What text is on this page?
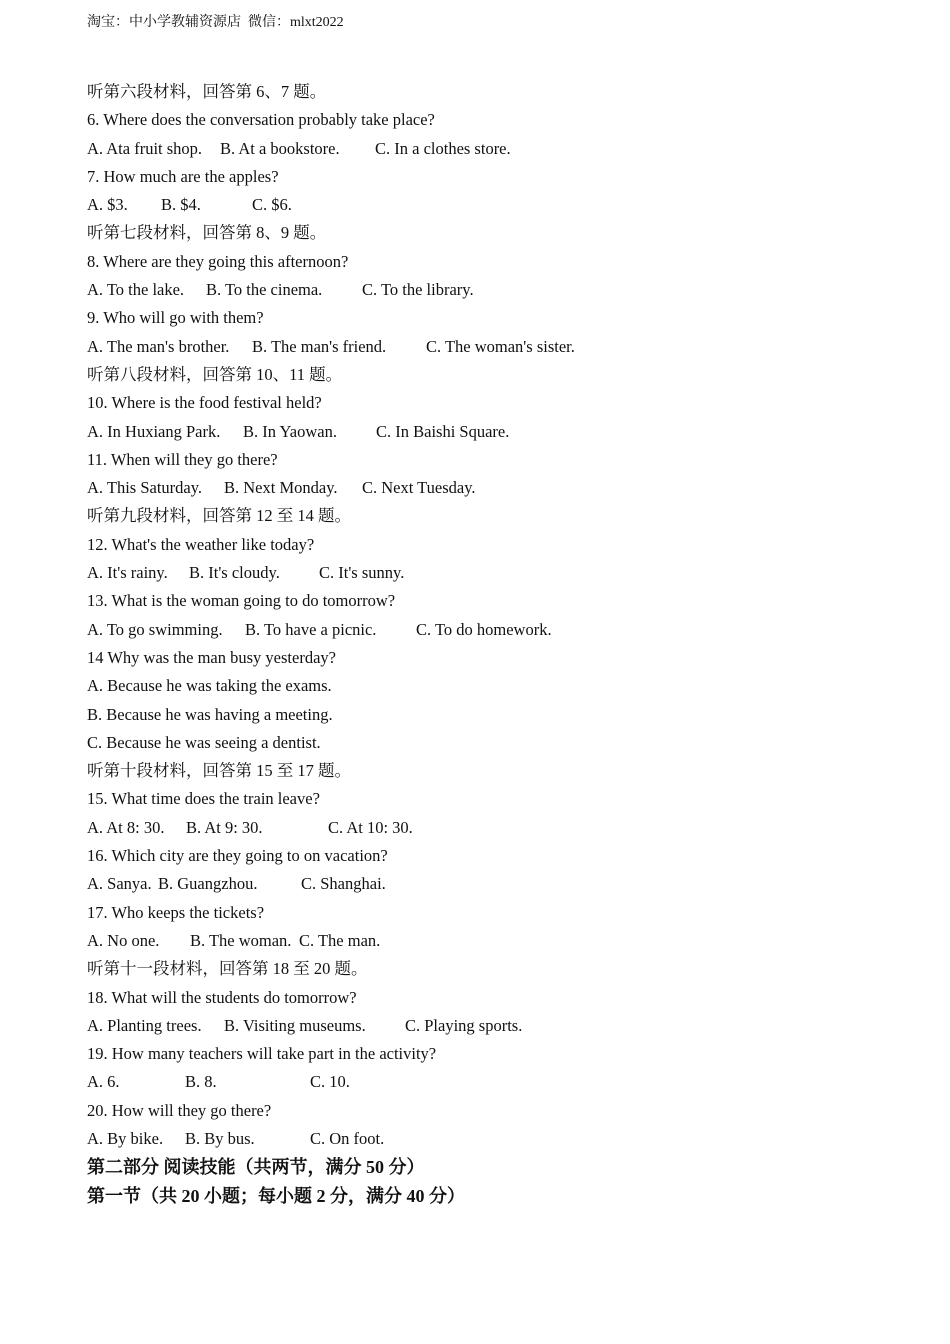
淘宝：中小学教辅资源店  微信：mlxt2022
听第六段材料，回答第 6、7 题。
6. Where does the conversation probably take place?
A. Ata fruit shop. B. At a bookstore. C. In a clothes store.
7. How much are the apples?
A. $3. B. $4.	C. $6.
听第七段材料，回答第 8、9 题。
8. Where are they going this afternoon?
A. To the lake. B. To the cinema. C. To the library.
9. Who will go with them?
A. The man's brother. B. The man's friend. C. The woman's sister.
听第八段材料，回答第 10、11 题。
10. Where is the food festival held?
A. In Huxiang Park. B. In Yaowan. C. In Baishi Square.
11. When will they go there?
A. This Saturday. B. Next Monday. C. Next Tuesday.
听第九段材料，回答第 12 至 14 题。
12. What's the weather like today?
A. It's rainy. B. It's cloudy. C. It's sunny.
13. What is the woman going to do tomorrow?
A. To go swimming. B. To have a picnic. C. To do homework.
14 Why was the man busy yesterday?
A. Because he was taking the exams.
B. Because he was having a meeting.
C. Because he was seeing a dentist.
听第十段材料，回答第 15 至 17 题。
15. What time does the train leave?
A. At 8: 30. B. At 9: 30.	C. At 10: 30.
16. Which city are they going to on vacation?
A. Sanya. B. Guangzhou.	C. Shanghai.
17. Who keeps the tickets?
A. No one. B. The woman. C. The man.
听第十一段材料，回答第 18 至 20 题。
18. What will the students do tomorrow?
A. Planting trees. B. Visiting museums. C. Playing sports.
19. How many teachers will take part in the activity?
A. 6.	B. 8.	C. 10.
20. How will they go there?
A. By bike. B. By bus.	C. On foot.
第二部分 阅读技能（共两节，满分 50 分）
第一节（共 20 小题；每小题 2 分，满分 40 分）
